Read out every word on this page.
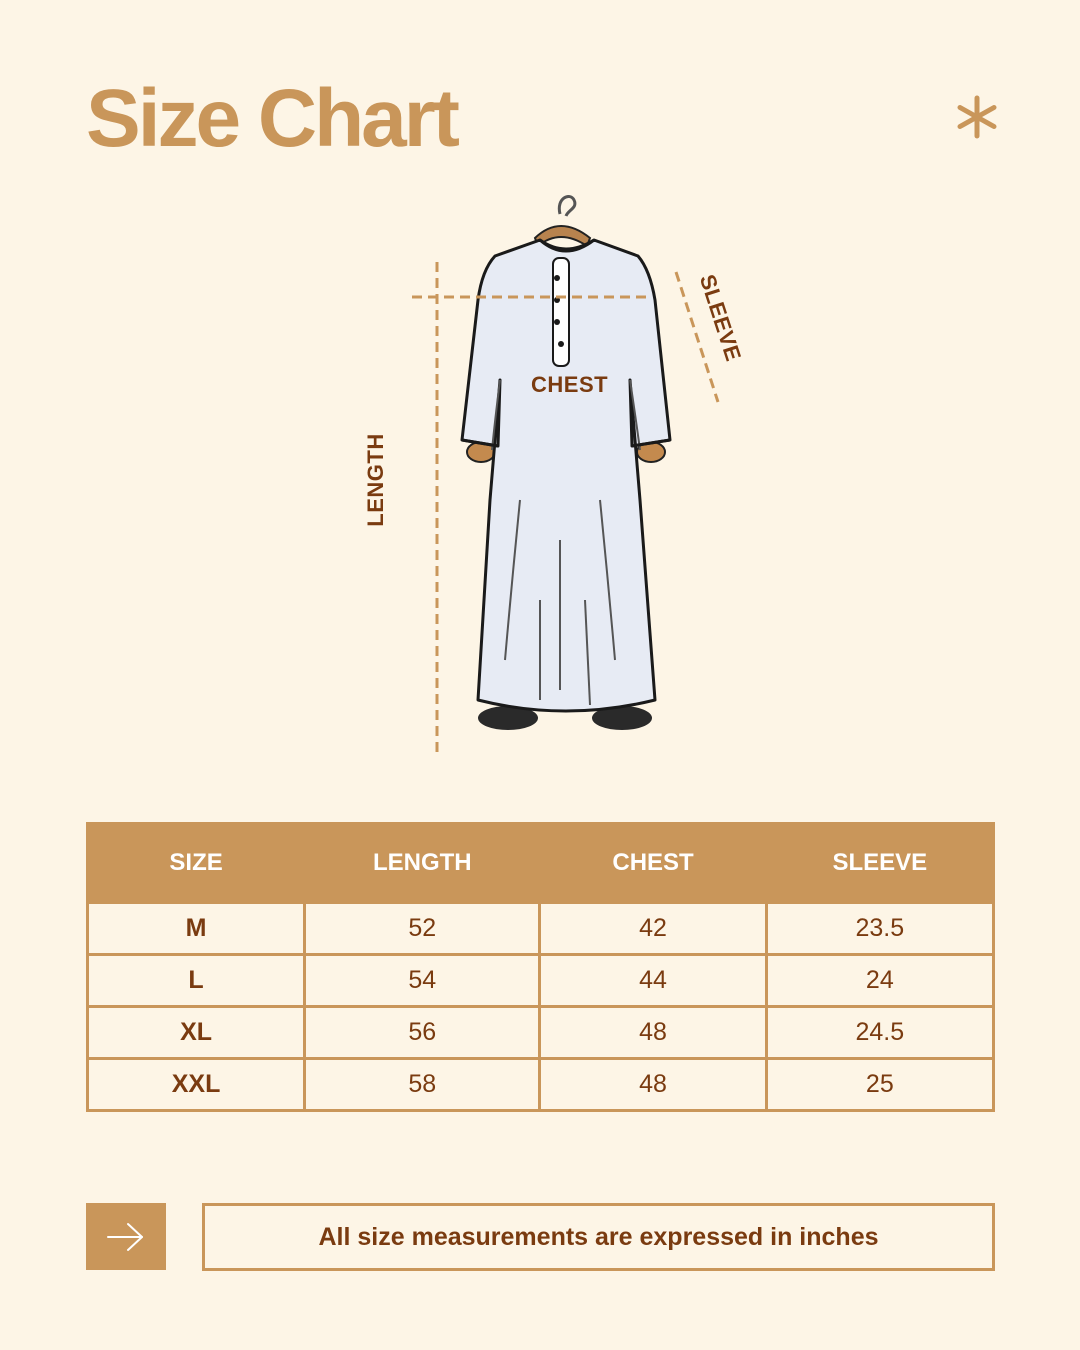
Size Chart
CHEST
LENGTH
SLEEVE
SIZE	LENGTH	CHEST	SLEEVE
M	52	42	23.5
L	54	44	24
XL	56	48	24.5
XXL	58	48	25
All size measurements are expressed in inches
